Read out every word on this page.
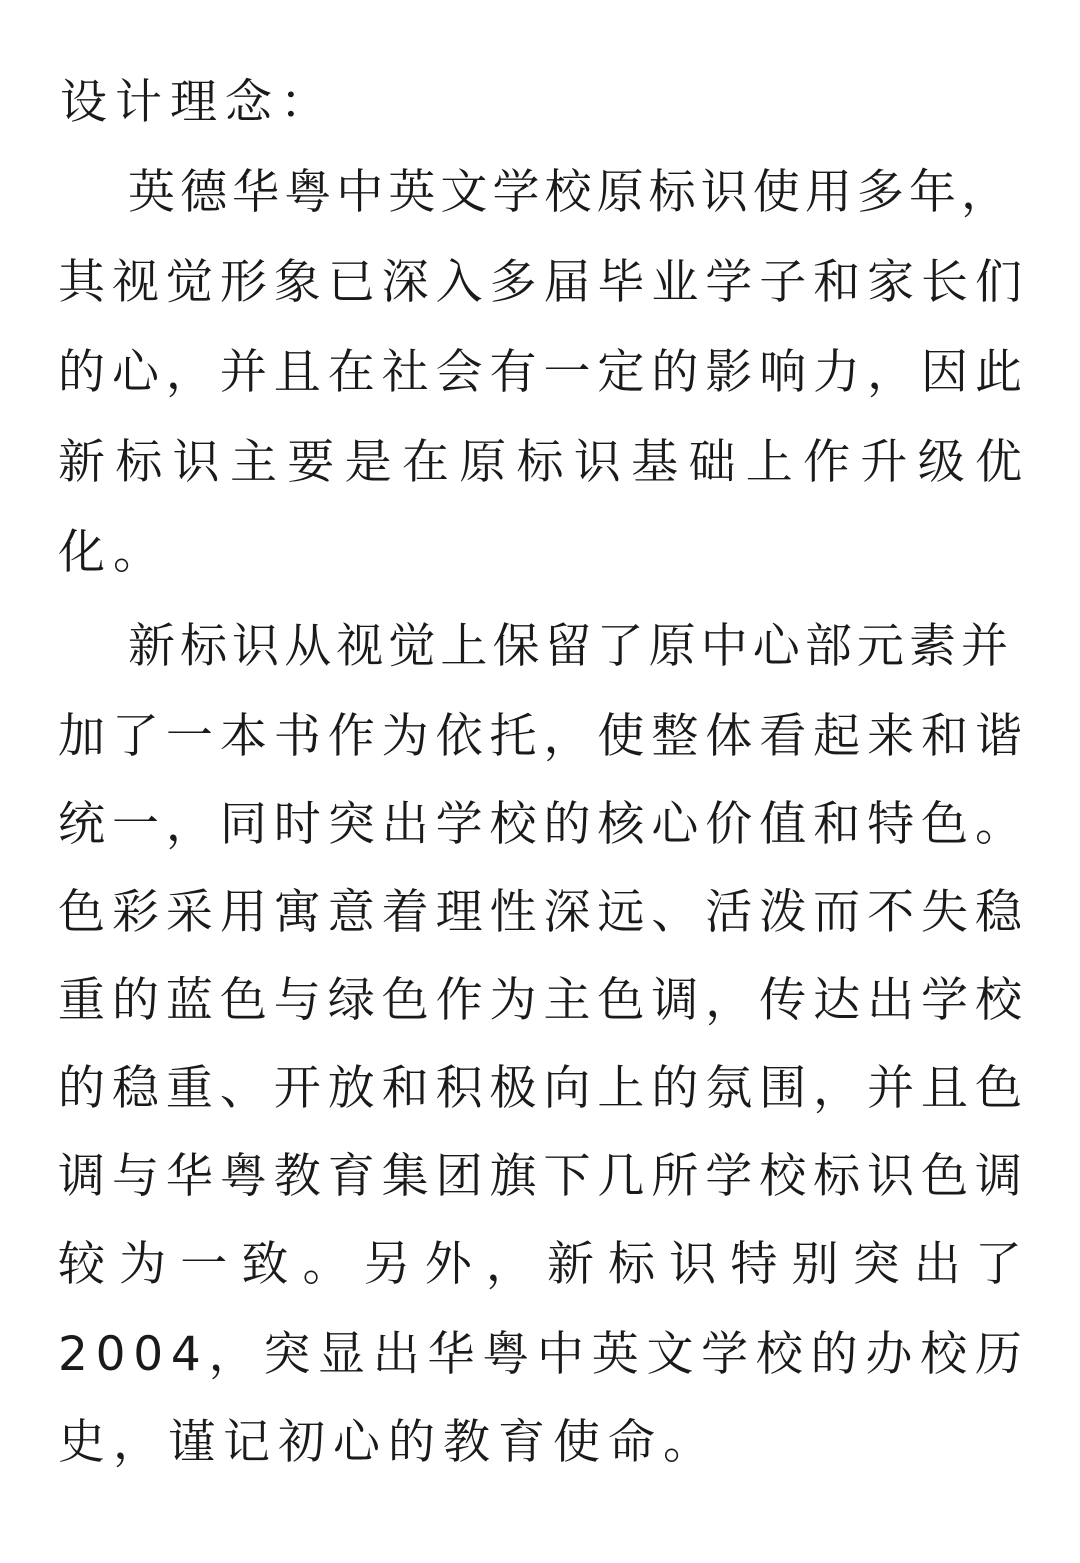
设计理念：
英 德 华 粤 中 英 文 学 校 原 标 识 使 用 多 年 ，
其 视 觉 形 象 已 深 入 多 届 毕 业 学 子 和 家 长 们
的 心 ， 并 且 在 社 会 有 一 定 的 影 响 力 ， 因 此
新 标 识 主 要 是 在 原 标 识 基 础 上 作 升 级 优
化。
新 标 识 从 视 觉 上 保 留 了 原 中 心 部 元 素 并
加 了 一 本 书 作 为 依 托 ， 使 整 体 看 起 来 和 谐
统 一 ， 同 时 突 出 学 校 的 核 心 价 值 和 特 色 。
色 彩 采 用 寓 意 着 理 性 深 远 、 活 泼 而 不 失 稳
重 的 蓝 色 与 绿 色 作 为 主 色 调 ， 传 达 出 学 校
的 稳 重 、 开 放 和 积 极 向 上 的 氛 围 ， 并 且 色
调 与 华 粤 教 育 集 团 旗 下 几 所 学 校 标 识 色 调
较 为 一 致 。 另 外 ， 新 标 识 特 别 突 出 了
2 0 0 4 ， 突 显 出 华 粤 中 英 文 学 校 的 办 校 历
史，谨记初心的教育使命。
